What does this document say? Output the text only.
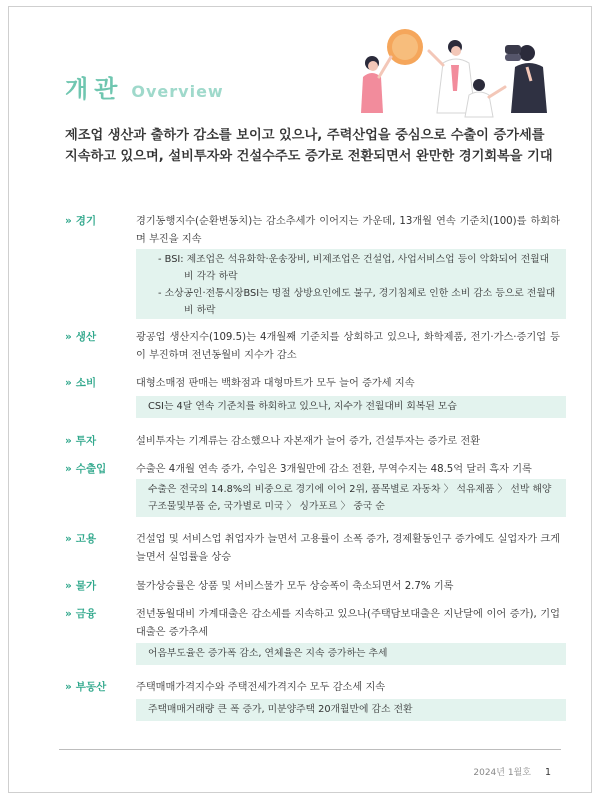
개관 Overview
제조업 생산과 출하가 감소를 보이고 있으나, 주력산업을 중심으로 수출이 증가세를 지속하고 있으며, 설비투자와 건설수주도 증가로 전환되면서 완만한 경기회복을 기대
» 경기	경기동행지수(순환변동치)는 감소추세가 이어지는 가운데, 13개월 연속 기준치(100)를 하회하며 부진을 지속
- BSI: 제조업은 석유화학·운송장비, 비제조업은 건설업, 사업서비스업 등이 악화되어 전월대비 각각 하락
- 소상공인·전통시장BSI는 명절 상방요인에도 불구, 경기침체로 인한 소비 감소 등으로 전월대비 하락
» 생산	광공업 생산지수(109.5)는 4개월째 기준치를 상회하고 있으나, 화학제품, 전기·가스·증기업 등이 부진하며 전년동월비 지수가 감소
» 소비	대형소매점 판매는 백화점과 대형마트가 모두 늘어 증가세 지속
CSI는 4달 연속 기준치를 하회하고 있으나, 지수가 전월대비 회복된 모습
» 투자	설비투자는 기계류는 감소했으나 자본재가 늘어 증가, 건설투자는 증가로 전환
» 수출입	수출은 4개월 연속 증가, 수입은 3개월만에 감소 전환, 무역수지는 48.5억 달러 흑자 기록
수출은 전국의 14.8%의 비중으로 경기에 이어 2위, 품목별로 자동차 〉 석유제품 〉 선박 해양구조물및부품 순, 국가별로 미국 〉 싱가포르 〉 중국 순
» 고용	건설업 및 서비스업 취업자가 늘면서 고용률이 소폭 증가, 경제활동인구 증가에도 실업자가 크게 늘면서 실업률을 상승
» 물가	물가상승률은 상품 및 서비스물가 모두 상승폭이 축소되면서 2.7% 기록
» 금융	전년동월대비 가계대출은 감소세를 지속하고 있으나(주택담보대출은 지난달에 이어 증가), 기업대출은 증가추세
어음부도율은 증가폭 감소, 연체율은 지속 증가하는 추세
» 부동산	주택매매가격지수와 주택전세가격지수 모두 감소세 지속
주택매매거래량 큰 폭 증가, 미분양주택 20개월만에 감소 전환
2024년 1월호 1
